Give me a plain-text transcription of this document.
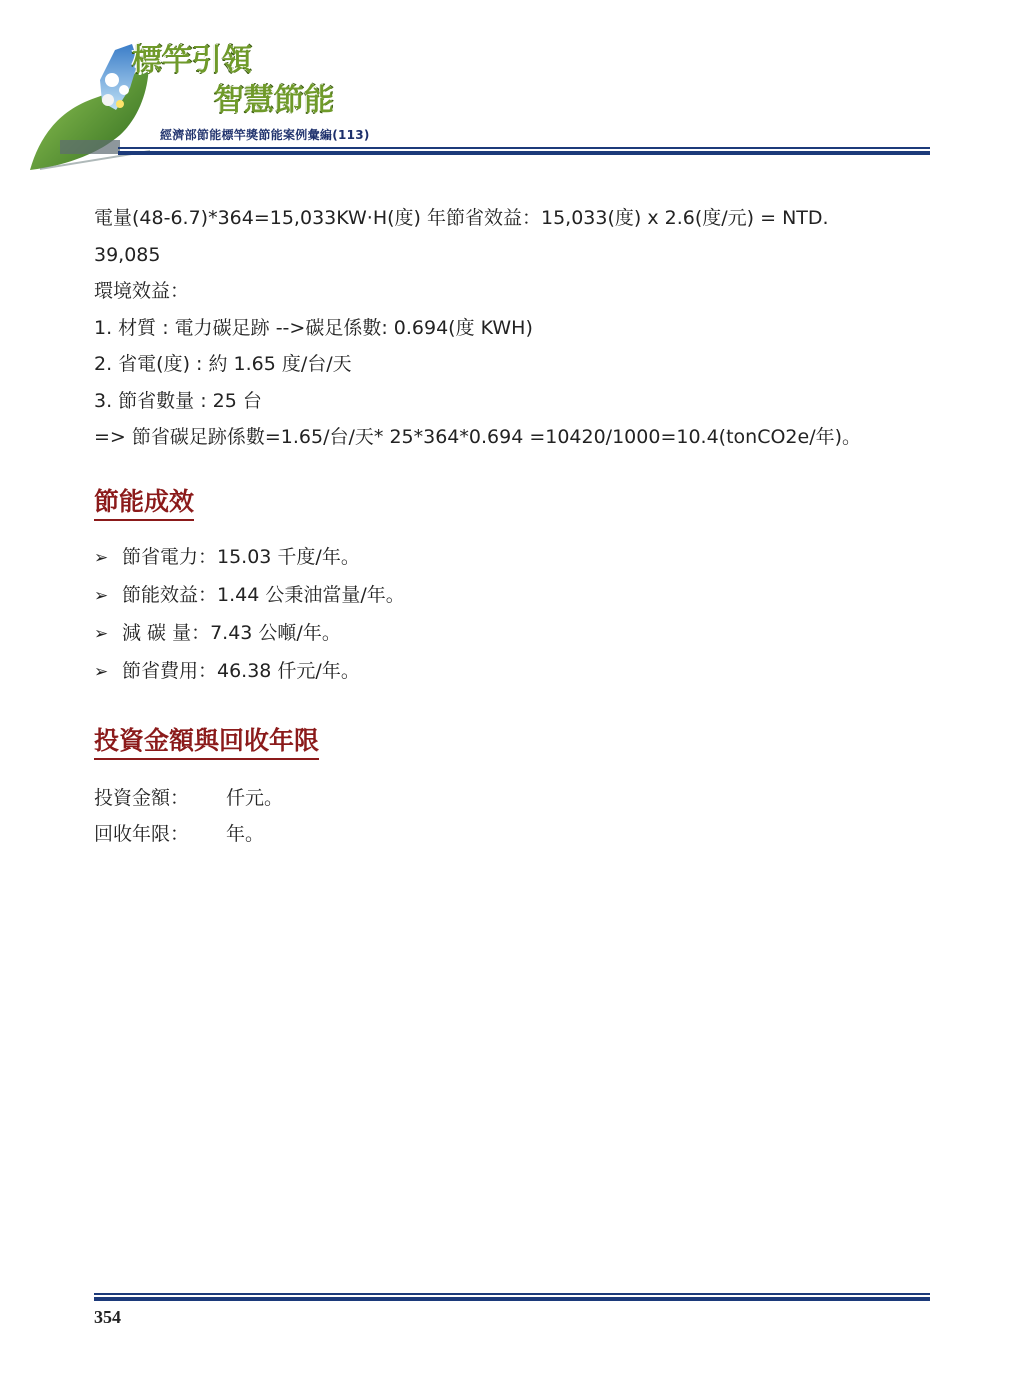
標竿引領
智慧節能
經濟部節能標竿獎節能案例彙編(113)
電量(48-6.7)*364=15,033KW·H(度) 年節省效益：15,033(度) x 2.6(度/元) = NTD.
39,085
環境效益：
1. 材質 : 電力碳足跡 -->碳足係數: 0.694(度 KWH)
2. 省電(度) : 約 1.65 度/台/天
3. 節省數量 : 25 台
=> 節省碳足跡係數=1.65/台/天* 25*364*0.694 =10420/1000=10.4(tonCO2e/年)。
節能成效
➢ 節省電力：15.03 千度/年。
➢ 節能效益：1.44 公秉油當量/年。
➢ 減 碳 量：7.43 公噸/年。
➢ 節省費用：46.38 仟元/年。
投資金額與回收年限
投資金額： 仟元。
回收年限： 年。
354
